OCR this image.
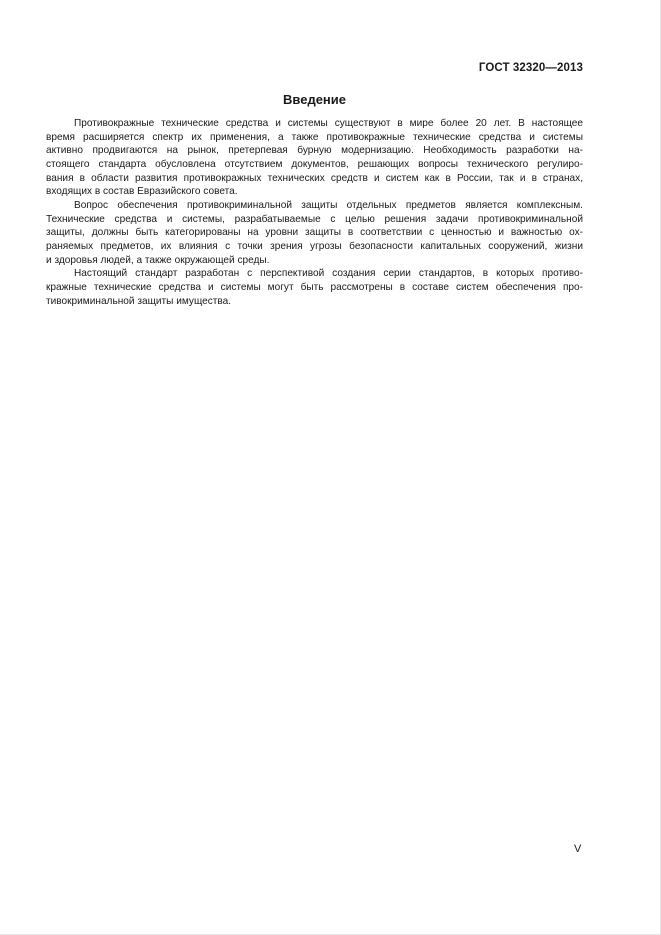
ГОСТ 32320—2013
Введение
Противокражные технические средства и системы существуют в мире более 20 лет. В настоящее
время расширяется спектр их применения, а также противокражные технические средства и системы
активно продвигаются на рынок, претерпевая бурную модернизацию. Необходимость разработки на-
стоящего стандарта обусловлена отсутствием документов, решающих вопросы технического регулиро-
вания в области развития противокражных технических средств и систем как в России, так и в странах,
входящих в состав Евразийского совета.
Вопрос обеспечения противокриминальной защиты отдельных предметов является комплексным.
Технические средства и системы, разрабатываемые с целью решения задачи противокриминальной
защиты, должны быть категорированы на уровни защиты в соответствии с ценностью и важностью ох-
раняемых предметов, их влияния с точки зрения угрозы безопасности капитальных сооружений, жизни
и здоровья людей, а также окружающей среды.
Настоящий стандарт разработан с перспективой создания серии стандартов, в которых противо-
кражные технические средства и системы могут быть рассмотрены в составе систем обеспечения про-
тивокриминальной защиты имущества.
V
